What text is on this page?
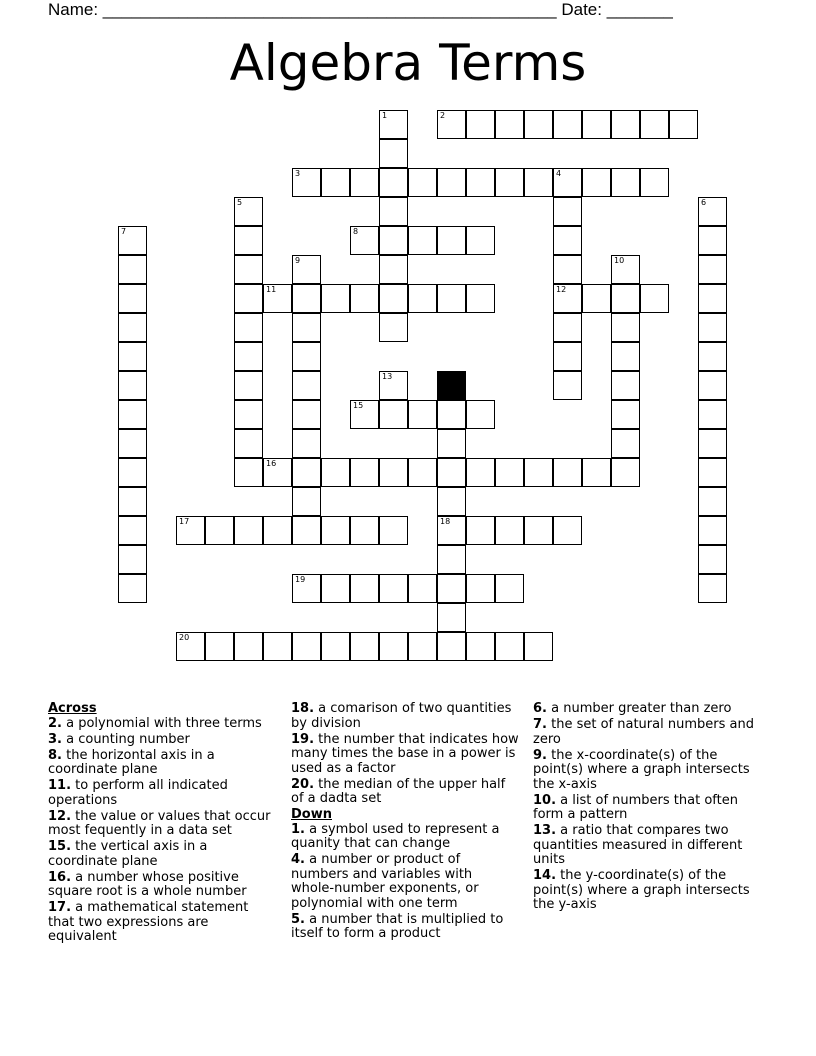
Name: ________________________________________________ Date: _______
Algebra Terms
1	2
3	4
12
5	6
7	8
9	10
11
13
18
15
16
17
19
20
Across
2. a polynomial with three terms
3. a counting number
8. the horizontal axis in a coordinate plane
11. to perform all indicated operations
12. the value or values that occur most fequently in a data set
15. the vertical axis in a coordinate plane
16. a number whose positive square root is a whole number
17. a mathematical statement that two expressions are equivalent
18. a comarison of two quantities by division
19. the number that indicates how many times the base in a power is used as a factor
20. the median of the upper half of a dadta set
Down
1. a symbol used to represent a quanity that can change
4. a number or product of numbers and variables with whole-number exponents, or polynomial with one term
5. a number that is multiplied to itself to form a product
6. a number greater than zero
7. the set of natural numbers and zero
9. the x-coordinate(s) of the point(s) where a graph intersects the x-axis
10. a list of numbers that often form a pattern
13. a ratio that compares two quantities measured in different units
14. the y-coordinate(s) of the point(s) where a graph intersects the y-axis
